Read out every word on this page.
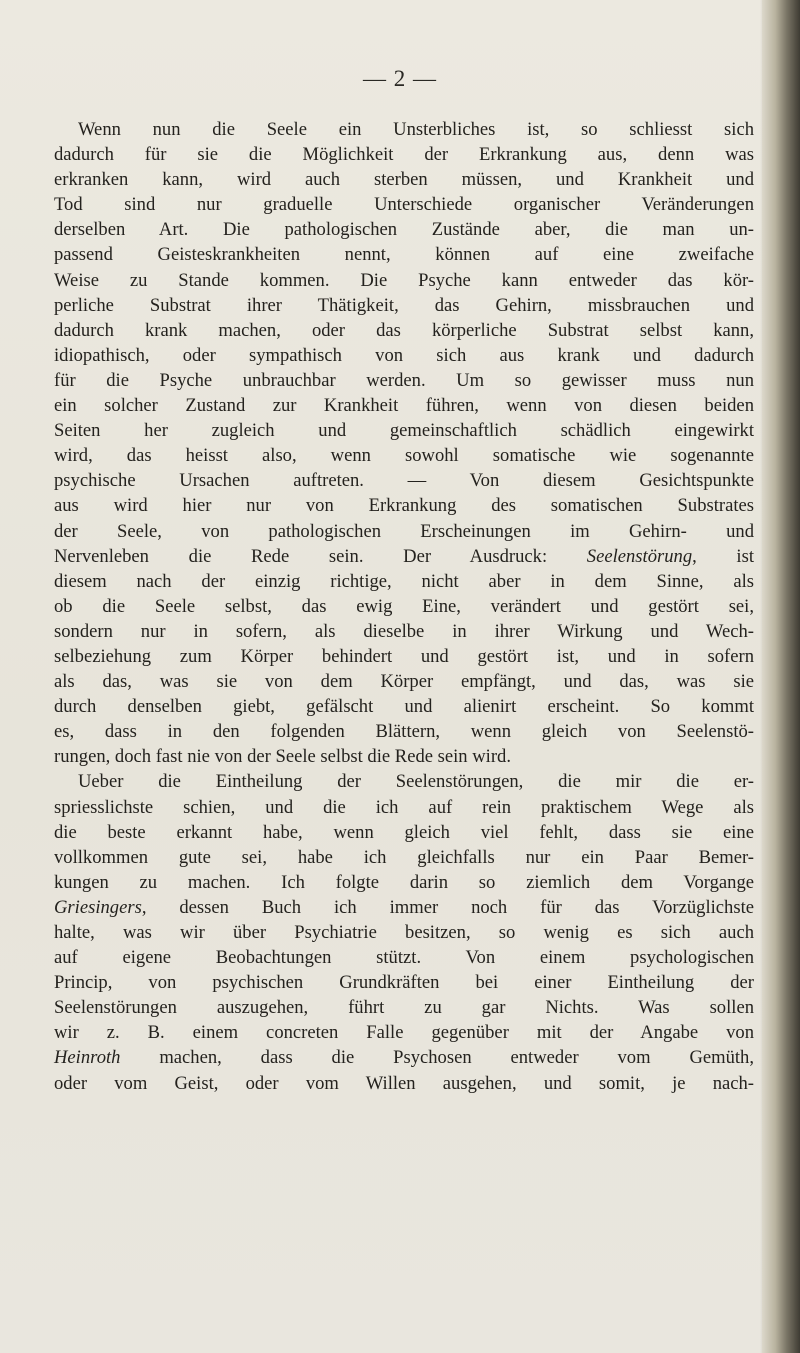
— 2 —
Wenn nun die Seele ein Unsterbliches ist, so schliesst sich
dadurch für sie die Möglichkeit der Erkrankung aus, denn was
erkranken kann, wird auch sterben müssen, und Krankheit und
Tod sind nur graduelle Unterschiede organischer Veränderungen
derselben Art. Die pathologischen Zustände aber, die man un-
passend Geisteskrankheiten nennt, können auf eine zweifache
Weise zu Stande kommen. Die Psyche kann entweder das kör-
perliche Substrat ihrer Thätigkeit, das Gehirn, missbrauchen und
dadurch krank machen, oder das körperliche Substrat selbst kann,
idiopathisch, oder sympathisch von sich aus krank und dadurch
für die Psyche unbrauchbar werden. Um so gewisser muss nun
ein solcher Zustand zur Krankheit führen, wenn von diesen beiden
Seiten her zugleich und gemeinschaftlich schädlich eingewirkt
wird, das heisst also, wenn sowohl somatische wie sogenannte
psychische Ursachen auftreten. — Von diesem Gesichtspunkte
aus wird hier nur von Erkrankung des somatischen Substrates
der Seele, von pathologischen Erscheinungen im Gehirn- und
Nervenleben die Rede sein. Der Ausdruck: Seelenstörung, ist
diesem nach der einzig richtige, nicht aber in dem Sinne, als
ob die Seele selbst, das ewig Eine, verändert und gestört sei,
sondern nur in sofern, als dieselbe in ihrer Wirkung und Wech-
selbeziehung zum Körper behindert und gestört ist, und in sofern
als das, was sie von dem Körper empfängt, und das, was sie
durch denselben giebt, gefälscht und alienirt erscheint. So kommt
es, dass in den folgenden Blättern, wenn gleich von Seelenstö-
rungen, doch fast nie von der Seele selbst die Rede sein wird.
Ueber die Eintheilung der Seelenstörungen, die mir die er-
spriesslichste schien, und die ich auf rein praktischem Wege als
die beste erkannt habe, wenn gleich viel fehlt, dass sie eine
vollkommen gute sei, habe ich gleichfalls nur ein Paar Bemer-
kungen zu machen. Ich folgte darin so ziemlich dem Vorgange
Griesingers, dessen Buch ich immer noch für das Vorzüglichste
halte, was wir über Psychiatrie besitzen, so wenig es sich auch
auf eigene Beobachtungen stützt. Von einem psychologischen
Princip, von psychischen Grundkräften bei einer Eintheilung der
Seelenstörungen auszugehen, führt zu gar Nichts. Was sollen
wir z. B. einem concreten Falle gegenüber mit der Angabe von
Heinroth machen, dass die Psychosen entweder vom Gemüth,
oder vom Geist, oder vom Willen ausgehen, und somit, je nach-
